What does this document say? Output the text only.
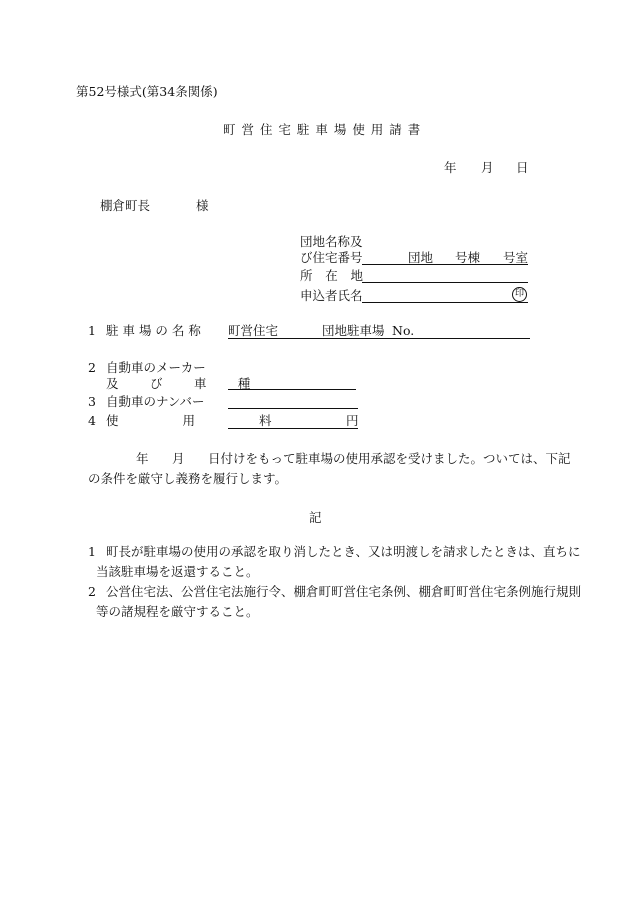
第52号様式(第34条関係)
町 営 住 宅 駐 車 場 使 用 請 書
年 月 日
棚倉町長	様
団地名称及
び住宅番号	団地 号棟 号室
所 在 地
申込者氏名	印
1 駐 車 場 の 名 称 町営住宅	団地駐車場 No.
2 自動車のメーカー
及 び 車 種
3 自動車のナンバー
4 使 用 料	円
年 月 日付けをもって駐車場の使用承認を受けました。ついては、下記
の条件を厳守し義務を履行します。
記
1 町長が駐車場の使用の承認を取り消したとき、又は明渡しを請求したときは、直ちに
当該駐車場を返還すること。
2 公営住宅法、公営住宅法施行令、棚倉町町営住宅条例、棚倉町町営住宅条例施行規則
等の諸規程を厳守すること。
